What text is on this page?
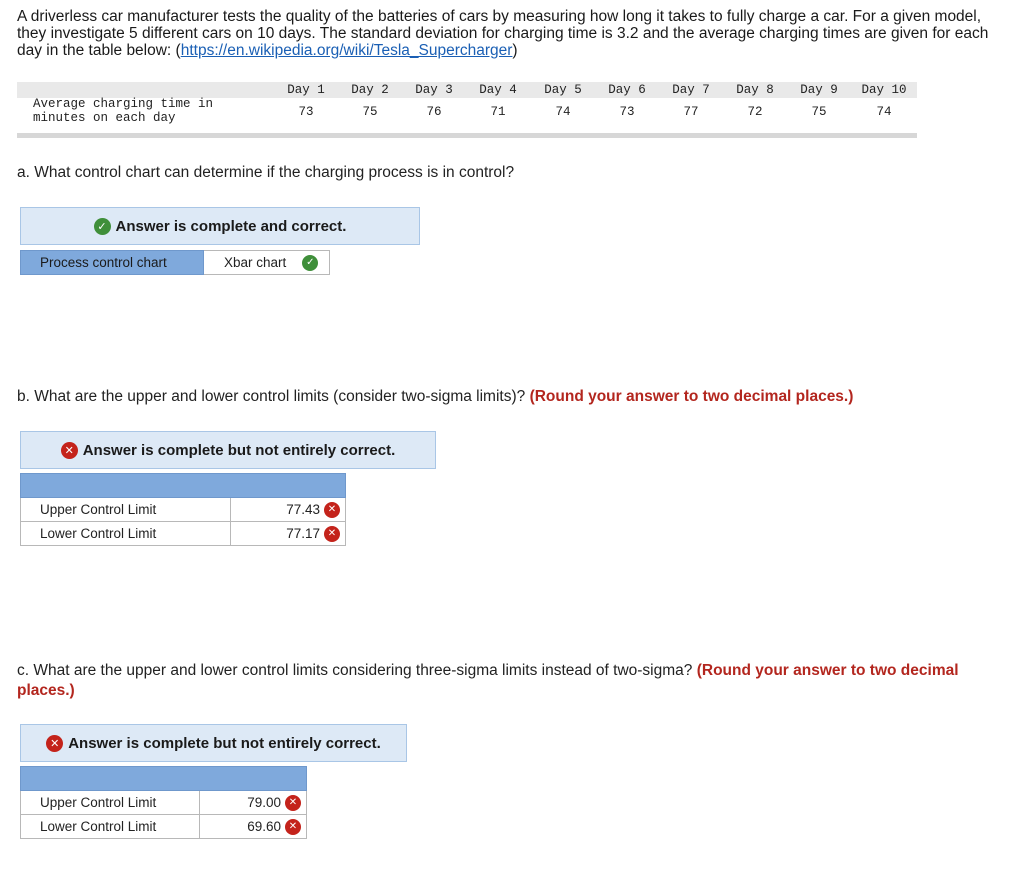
A driverless car manufacturer tests the quality of the batteries of cars by measuring how long it takes to fully charge a car. For a given model, they investigate 5 different cars on 10 days. The standard deviation for charging time is 3.2 and the average charging times are given for each day in the table below: (https://en.wikipedia.org/wiki/Tesla_Supercharger)
Average charging time in
minutes on each day
Day 1	Day 2	Day 3	Day 4	Day 5	Day 6	Day 7	Day 8	Day 9	Day 10
73	75	76	71	74	73	77	72	75	74
a. What control chart can determine if the charging process is in control?
✓ Answer is complete and correct.
Process control chart	Xbar chart	✓
b. What are the upper and lower control limits (consider two-sigma limits)? (Round your answer to two decimal places.)
✕ Answer is complete but not entirely correct.
Upper Control Limit	77.43 ✕
Lower Control Limit	77.17 ✕
c. What are the upper and lower control limits considering three-sigma limits instead of two-sigma? (Round your answer to two decimal places.)
✕ Answer is complete but not entirely correct.
Upper Control Limit	79.00 ✕
Lower Control Limit	69.60 ✕
